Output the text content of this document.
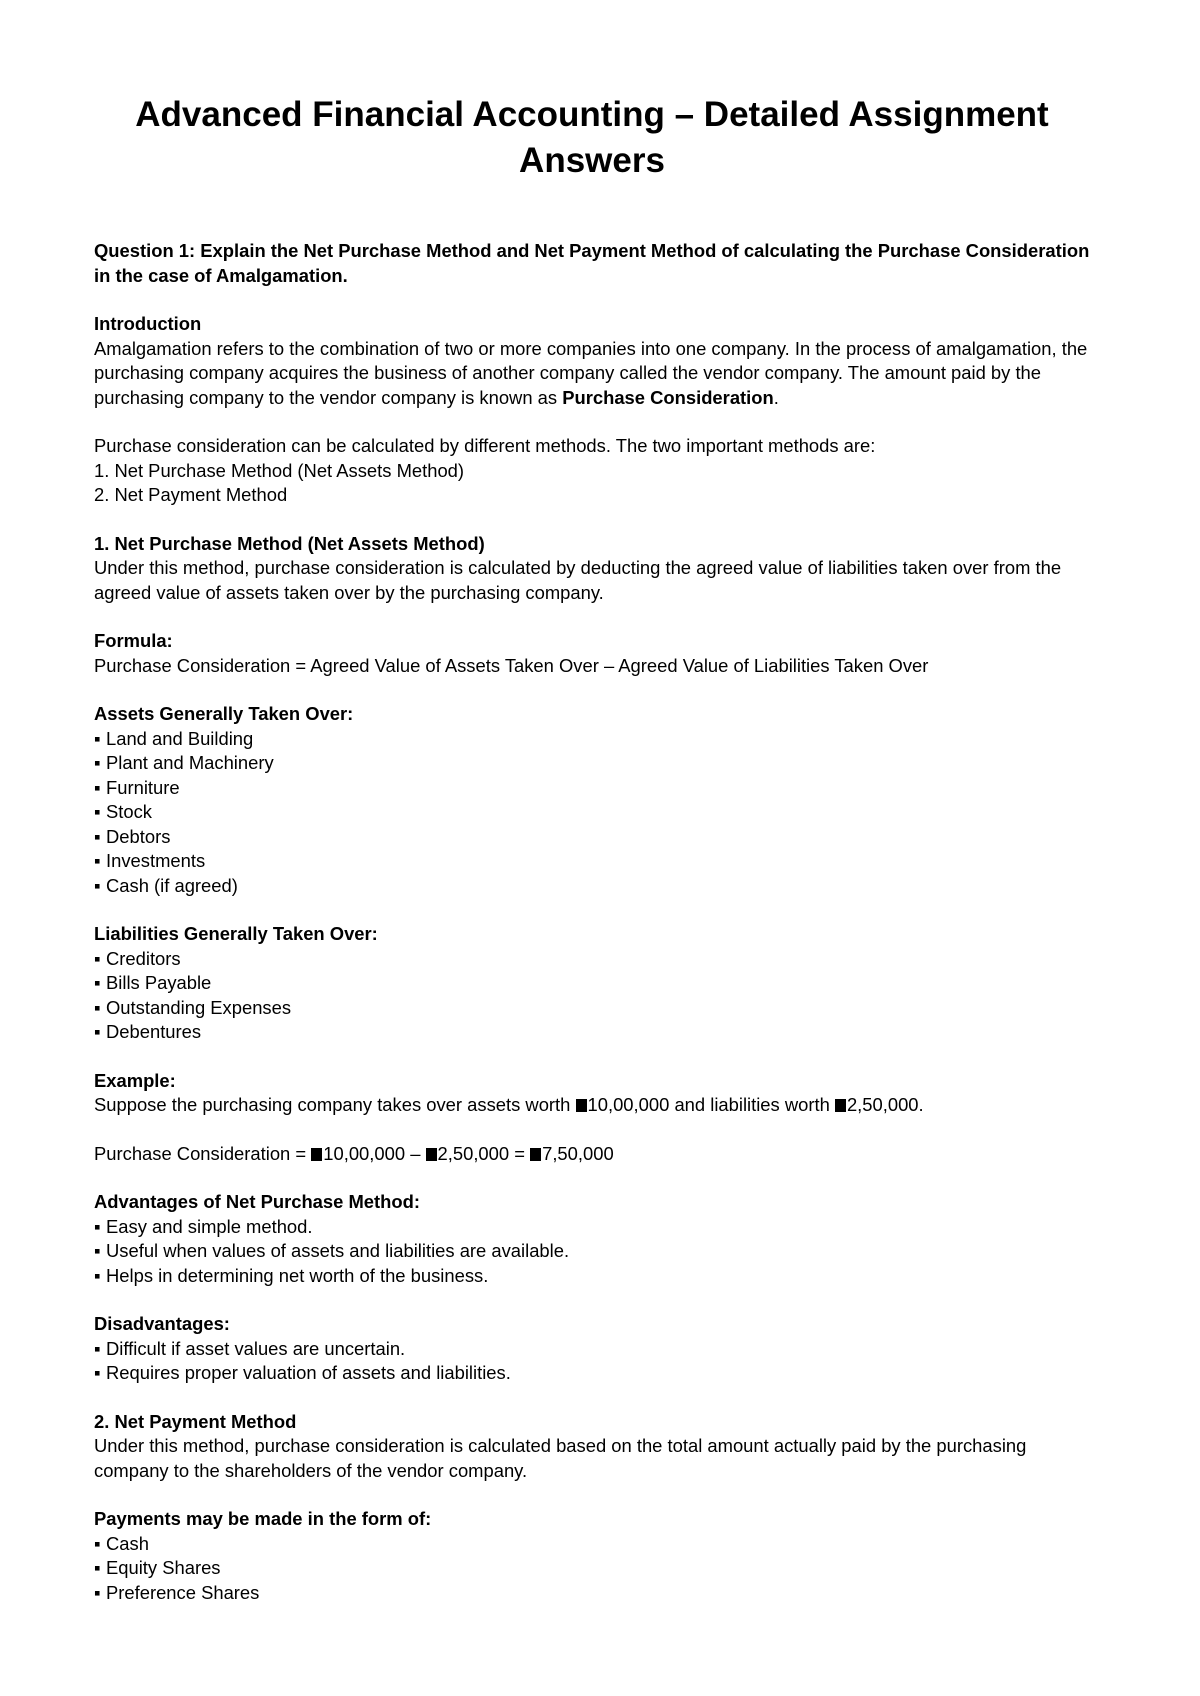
Advanced Financial Accounting – Detailed Assignment Answers
Question 1: Explain the Net Purchase Method and Net Payment Method of calculating the Purchase Consideration in the case of Amalgamation.
Introduction
Amalgamation refers to the combination of two or more companies into one company. In the process of amalgamation, the purchasing company acquires the business of another company called the vendor company. The amount paid by the purchasing company to the vendor company is known as Purchase Consideration.
Purchase consideration can be calculated by different methods. The two important methods are:
1. Net Purchase Method (Net Assets Method)
2. Net Payment Method
1. Net Purchase Method (Net Assets Method)
Under this method, purchase consideration is calculated by deducting the agreed value of liabilities taken over from the agreed value of assets taken over by the purchasing company.
Formula:
Purchase Consideration = Agreed Value of Assets Taken Over – Agreed Value of Liabilities Taken Over
Assets Generally Taken Over:
▪ Land and Building
▪ Plant and Machinery
▪ Furniture
▪ Stock
▪ Debtors
▪ Investments
▪ Cash (if agreed)
Liabilities Generally Taken Over:
▪ Creditors
▪ Bills Payable
▪ Outstanding Expenses
▪ Debentures
Example:
Suppose the purchasing company takes over assets worth 10,00,000 and liabilities worth 2,50,000.
Purchase Consideration = 10,00,000 – 2,50,000 = 7,50,000
Advantages of Net Purchase Method:
▪ Easy and simple method.
▪ Useful when values of assets and liabilities are available.
▪ Helps in determining net worth of the business.
Disadvantages:
▪ Difficult if asset values are uncertain.
▪ Requires proper valuation of assets and liabilities.
2. Net Payment Method
Under this method, purchase consideration is calculated based on the total amount actually paid by the purchasing company to the shareholders of the vendor company.
Payments may be made in the form of:
▪ Cash
▪ Equity Shares
▪ Preference Shares
